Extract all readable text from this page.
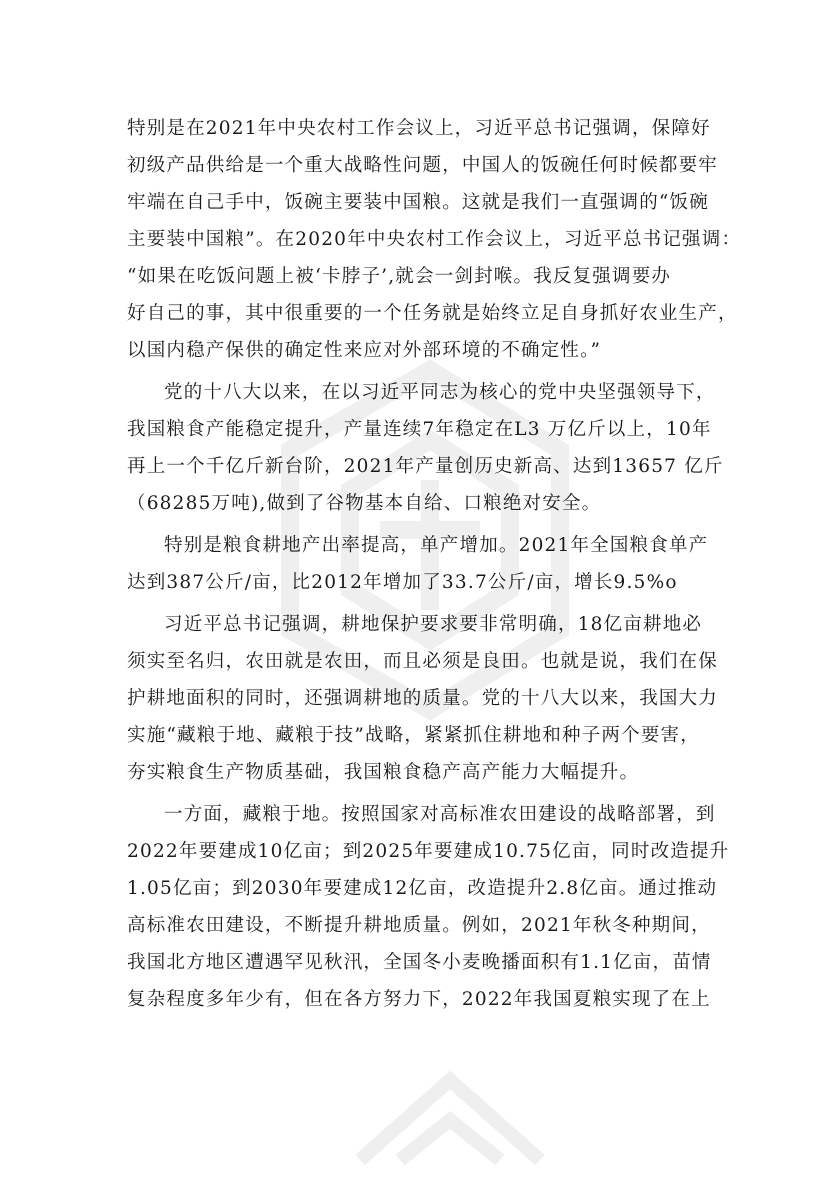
特别是在2021年中央农村工作会议上，习近平总书记强调，保障好
初级产品供给是一个重大战略性问题，中国人的饭碗任何时候都要牢
牢端在自己手中，饭碗主要装中国粮。这就是我们一直强调的“饭碗
主要装中国粮”。在2020年中央农村工作会议上，习近平总书记强调：
“如果在吃饭问题上被‘卡脖子’,就会一剑封喉。我反复强调要办
好自己的事，其中很重要的一个任务就是始终立足自身抓好农业生产，
以国内稳产保供的确定性来应对外部环境的不确定性。”
党的十八大以来，在以习近平同志为核心的党中央坚强领导下，
我国粮食产能稳定提升，产量连续7年稳定在L3 万亿斤以上，10年
再上一个千亿斤新台阶，2021年产量创历史新高、达到13657 亿斤
（68285万吨),做到了谷物基本自给、口粮绝对安全。
特别是粮食耕地产出率提高，单产增加。2021年全国粮食单产
达到387公斤/亩，比2012年增加了33.7公斤/亩，增长9.5%o
习近平总书记强调，耕地保护要求要非常明确，18亿亩耕地必
须实至名归，农田就是农田，而且必须是良田。也就是说，我们在保
护耕地面积的同时，还强调耕地的质量。党的十八大以来，我国大力
实施“藏粮于地、藏粮于技”战略，紧紧抓住耕地和种子两个要害，
夯实粮食生产物质基础，我国粮食稳产高产能力大幅提升。
一方面，藏粮于地。按照国家对高标准农田建设的战略部署，到
2022年要建成10亿亩；到2025年要建成10.75亿亩，同时改造提升
1.05亿亩；到2030年要建成12亿亩，改造提升2.8亿亩。通过推动
高标准农田建设，不断提升耕地质量。例如，2021年秋冬种期间，
我国北方地区遭遇罕见秋汛，全国冬小麦晚播面积有1.1亿亩，苗情
复杂程度多年少有，但在各方努力下，2022年我国夏粮实现了在上
